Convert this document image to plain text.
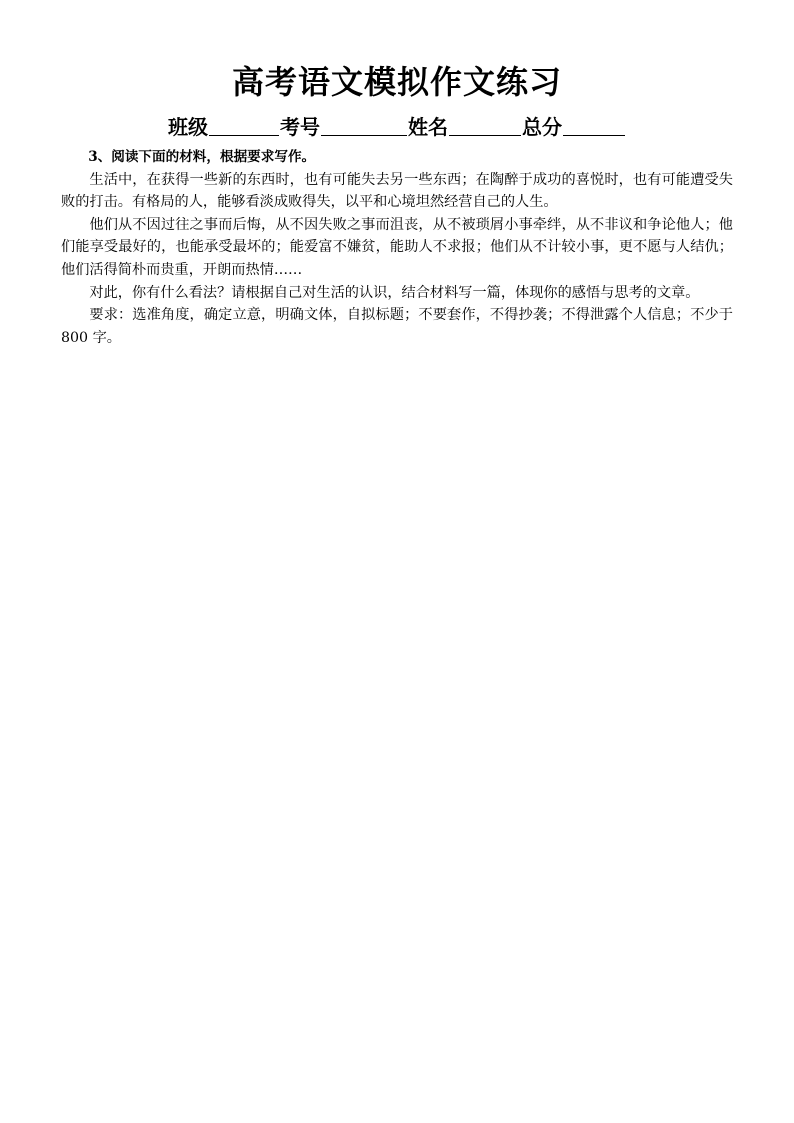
高考语文模拟作文练习
班级	考号	姓名	总分

3、阅读下面的材料，根据要求写作。

生活中，在获得一些新的东西时，也有可能失去另一些东西；在陶醉于成功的喜悦时，也有可能遭受失败的打击。有格局的人，能够看淡成败得失，以平和心境坦然经营自己的人生。

他们从不因过往之事而后悔，从不因失败之事而沮丧，从不被琐屑小事牵绊，从不非议和争论他人；他们能享受最好的，也能承受最坏的；能爱富不嫌贫，能助人不求报；他们从不计较小事，更不愿与人结仇；他们活得简朴而贵重，开朗而热情……

对此，你有什么看法？请根据自己对生活的认识，结合材料写一篇，体现你的感悟与思考的文章。

要求：选准角度，确定立意，明确文体，自拟标题；不要套作，不得抄袭；不得泄露个人信息；不少于 800 字。
